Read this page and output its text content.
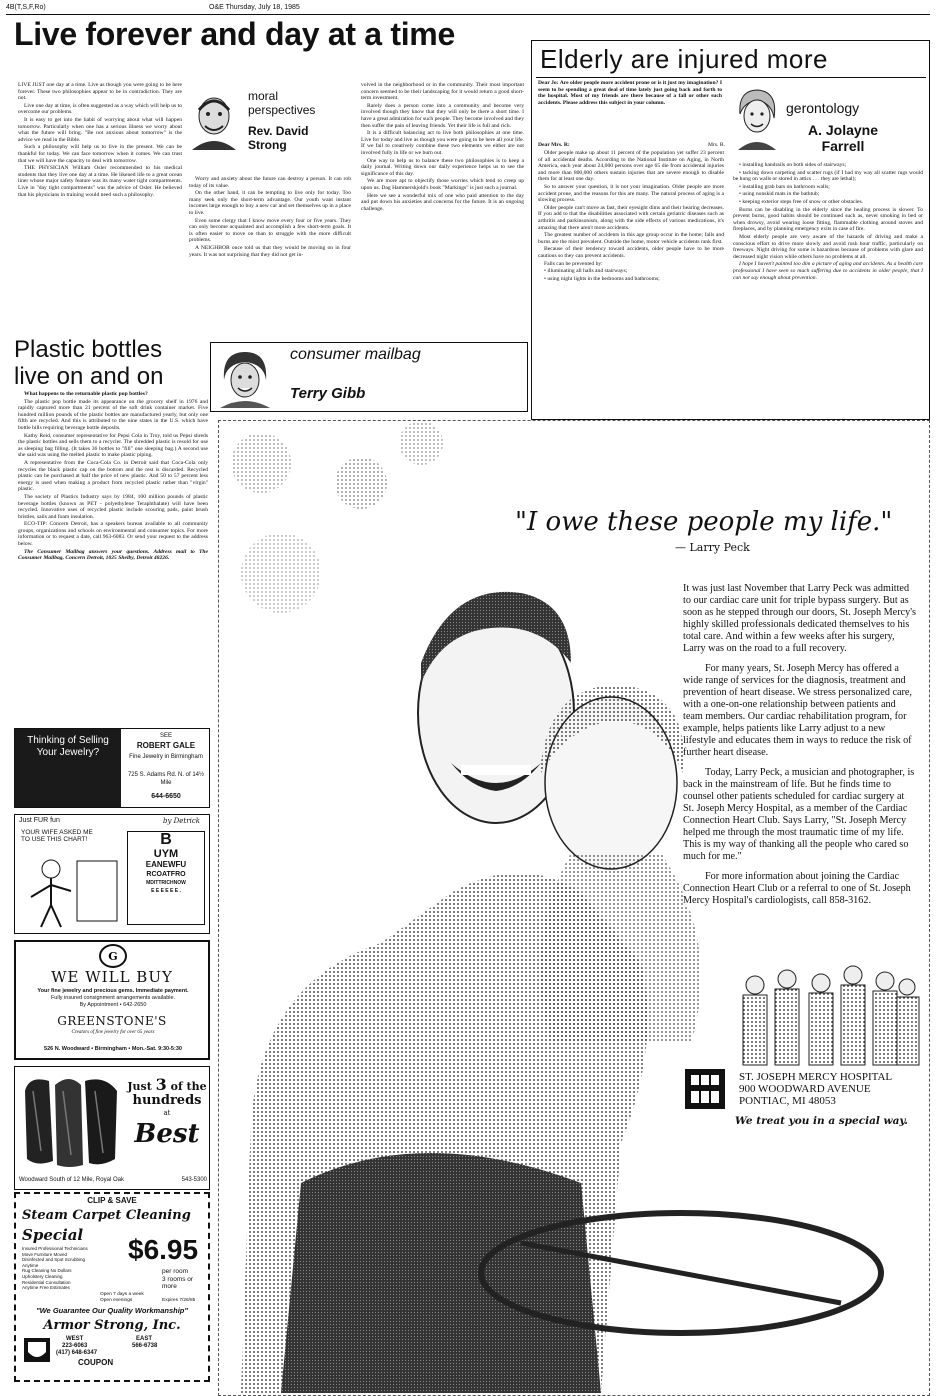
4B(T,S,F,Ro)	O&E Thursday, July 18, 1985
Live forever and day at a time

LIVE JUST one day at a time. Live as though you were going to be here forever. These two philosophies appear to be in contradiction. They are not.

Live one day at time, is often suggested as a way which will help us to overcome our problems.

It is easy to get into the habit of worrying about what will happen tomorrow. Particularly when one has a serious illness we worry about what the future will bring. "Be not anxious about tomorrow" is the advice we read in the Bible.

Such a philosophy will help us to live in the present. We can be thankful for today. We can face tomorrow when it comes. We can trust that we will have the capacity to deal with tomorrow.

THE PHYSICIAN William Osler recommended to his medical students that they live one day at a time. He likened life to a great ocean liner whose major safety feature was its many water tight compartments. Live in "day tight compartments" was the advice of Osler. He believed that his physicians in training would need such a philosophy.

moral perspectives
Rev. David Strong

Worry and anxiety about the future can destroy a person. It can rob today of its value.

On the other hand, it can be tempting to live only for today. Too many seek only the short-term advantage. Our youth want instant incomes large enough to buy a new car and set themselves up in a place to live.

Even some clergy that I know move every four or five years. They can only become acquainted and accomplish a few short-term goals. It is often easier to move on than to struggle with the more difficult problems.

A NEIGHBOR once told us that they would be moving on in four years. It was not surprising that they did not get in-

volved in the neighborhood or in the community. Their most important concern seemed to be their landscaping for it would return a good short-term investment.

Rarely does a person come into a community and become very involved though they know that they will only be there a short time. I have a great admiration for such people. They become involved and they then suffer the pain of leaving friends. Yet their life is full and rich.

It is a difficult balancing act to live both philosophies at one time. Live for today and live as though you were going to be here all your life. If we fail to creatively combine these two elements we either are not involved fully in life or we burn out.

One way to help us to balance these two philosophies is to keep a daily journal. Writing down our daily experience helps us to see the significance of this day.

We are more apt to objectify those worries which tend to creep up upon us. Dag Hammerskjold's book "Markings" is just such a journal.

Here we see a wonderful mix of one who paid attention to the day and put down his anxieties and concerns for the future. It is an ongoing challenge.

Elderly are injured more
Dear Jo: Are older people more accident prone or is it just my imagination? I seem to be spending a great deal of time lately just going back and forth to the hospital. Most of my friends are there because of a fall or other such accidents. Please address this subject in your column.
Dear Mrs. R:	Mrs. R.

Older people make up about 11 percent of the population yet suffer 23 percent of all accidental deaths. According to the National Institute on Aging, in North America, each year about 24,000 persons over age 65 die from accidental injuries and more than 800,000 others sustain injuries that are severe enough to disable them for at least one day.

So to answer your question, it is not your imagination. Older people are more accident prone, and the reasons for this are many. The natural process of aging is a slowing process.

Older people can't move as fast, their eyesight dims and their hearing decreases. If you add to that the disabilities associated with certain geriatric diseases such as arthritis and parkinsonism, along with the side effects of various medications, it's amazing that there aren't more accidents.

The greatest number of accidents in this age group occur in the home; falls and burns are the most prevalent. Outside the home, motor vehicle accidents rank first.

Because of their tendency toward accidents, older people have to be more cautious so they can prevent accidents.

Falls can be prevented by:

• illuminating all halls and stairways;

• using night lights in the bedrooms and bathrooms;

gerontology
A. Jolayne Farrell

• installing handrails on both sides of stairways;

• tacking down carpeting and scatter rugs (if I had my way all scatter rugs would be hung on walls or stored in attics . . . they are lethal);

• installing grab bars on bathroom walls;

• using nonskid mats in the bathtub;

• keeping exterior steps free of snow or other obstacles.

Burns can be disabling in the elderly since the healing process is slower. To prevent burns, good habits should be continued such as, never smoking in bed or when drowsy, avoid wearing loose fitting, flammable clothing around stoves and fireplaces, and by planning emergency exits in case of fire.

Most elderly people are very aware of the hazards of driving and make a conscious effort to drive more slowly and avoid rush hour traffic, particularly on freeways. Night driving for some is hazardous because of problems with glare and decreased night vision while others have no problems at all.

I hope I haven't painted too dim a picture of aging and accidents. As a health care professional I have seen so much suffering due to accidents in older people, that I can not say enough about prevention.

Plastic bottles
live on and on
consumer mailbag
Terry Gibb

What happens to the returnable plastic pop bottles?

The plastic pop bottle made its appearance on the grocery shelf in 1976 and rapidly captured more than 21 percent of the soft drink container market. Five hundred million pounds of the plastic bottles are manufactured yearly, but only one fifth are recycled. And this is attributed to the nine states in the U.S. which have bottle bills requiring beverage bottle deposits.

Kathy Reid, consumer representative for Pepsi Cola in Troy, told us Pepsi shreds the plastic bottles and sells them to a recycler. The shredded plastic is resold for use as sleeping bag filling. (It takes 36 bottles to "fill" one sleeping bag.) A second use she said was using the melted plastic to make plastic piping.

A representative from the Coca-Cola Co. in Detroit said that Coca-Cola only recycles the black plastic cap on the bottom and the rest is discarded. Recycled plastic can be purchased at half the price of new plastic. And 50 to 57 percent less energy is used when making a product from recycled plastic rather than "virgin" plastic.

The society of Plastics Industry says by 1984, 100 million pounds of plastic beverage bottles (known as PET - polyethylene Teraphthalate) will have been recycled. Innovative uses of recycled plastic include scouring pads, paint brush bristles, sails and foam insulation.

ECO-TIP: Concern Detroit, has a speakers bureau available to all community groups, organizations and schools on environmental and consumer topics. For more information or to request a date, call 963-6083. Or send your request to the address below.

The Consumer Mailbag answers your questions. Address mail to The Consumer Mailbag, Concern Detroit, 1025 Shelby, Detroit 48226.

Thinking of Selling Your Jewelry?
SEE
ROBERT GALE
Fine Jewelry in Birmingham
725 S. Adams Rd. N. of 14½ Mile
644-6650
Just FUR fun	by Detrick
YOUR WIFE ASKED ME TO USE THIS CHART!	B
UYM
EANEWFU
RCOATFRO
MDITTRICHNOW
E E E E E E .
G
WE WILL BUY
Your fine jewelry and precious gems. Immediate payment.
Fully insured consignment arrangements available.
By Appointment • 642-2650
GREENSTONE'S
Creators of fine jewelry for over 65 years
526 N. Woodward • Birmingham • Mon.-Sat. 9:30-5:30
Just 3 of the
hundreds
at
Best
Woodward South of 12 Mile, Royal Oak	543-5300
CLIP & SAVE
Steam Carpet Cleaning
Special
Insured Professional Technicians
Move Furniture Moved
Disinfected and Spot Scrubbing
Anytime
Rug Cleaning No Dollars
Upholstery Cleaning
Residential Consultation
Anytime Free Estimates
$6.95
per room
3 rooms or more
Open 7 days a week
Open evenings	Expires 7/26/85
"We Guarantee Our Quality Workmanship"
Armor Strong, Inc.
WEST
223-6063
EAST
566-6738
(417) 648-6347
COUPON
"I owe these people my life."
— Larry Peck

It was just last November that Larry Peck was admitted to our cardiac care unit for triple bypass surgery. But as soon as he stepped through our doors, St. Joseph Mercy's highly skilled professionals dedicated themselves to his total care. And within a few weeks after his surgery, Larry was on the road to a full recovery.

For many years, St. Joseph Mercy has offered a wide range of services for the diagnosis, treatment and prevention of heart disease. We stress personalized care, with a one-on-one relationship between patients and team members. Our cardiac rehabilitation program, for example, helps patients like Larry adjust to a new lifestyle and educates them in ways to reduce the risk of further heart disease.

Today, Larry Peck, a musician and photographer, is back in the mainstream of life. But he finds time to counsel other patients scheduled for cardiac surgery at St. Joseph Mercy Hospital, as a member of the Cardiac Connection Heart Club. Says Larry, "St. Joseph Mercy helped me through the most traumatic time of my life. This is my way of thanking all the people who cared so much for me."

For more information about joining the Cardiac Connection Heart Club or a referral to one of St. Joseph Mercy Hospital's cardiologists, call 858-3162.

ST. JOSEPH MERCY HOSPITAL
900 WOODWARD AVENUE
PONTIAC, MI 48053
We treat you in a special way.
